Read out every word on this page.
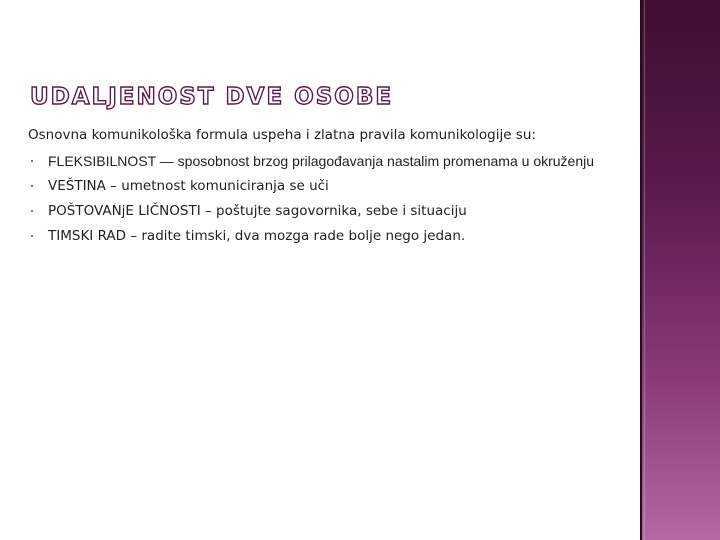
UDALJENOST DVE OSOBE
Osnovna komunikološka formula uspeha i zlatna pravila komunikologije su:
FLEKSIBILNOST — sposobnost brzog prilagođavanja nastalim promenama u okruženju
VEŠTINA – umetnost komuniciranja se uči
POŠTOVANjE LIČNOSTI – poštujte sagovornika, sebe i situaciju
TIMSKI RAD – radite timski, dva mozga rade bolje nego jedan.
